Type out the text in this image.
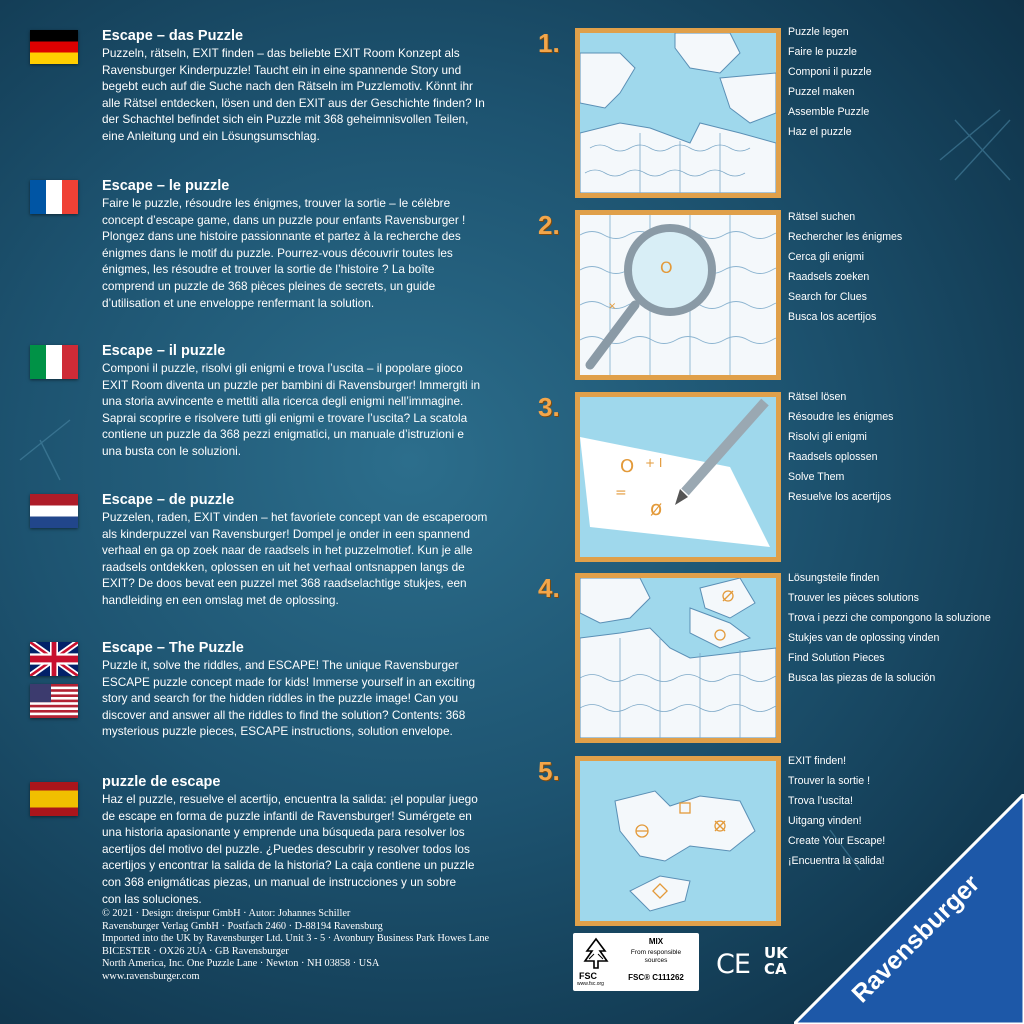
Escape – das Puzzle
Puzzeln, rätseln, EXIT finden – das beliebte EXIT Room Konzept als
Ravensburger Kinderpuzzle! Taucht ein in eine spannende Story und
begebt euch auf die Suche nach den Rätseln im Puzzlemotiv. Könnt ihr
alle Rätsel entdecken, lösen und den EXIT aus der Geschichte finden? In
der Schachtel befindet sich ein Puzzle mit 368 geheimnisvollen Teilen,
eine Anleitung und ein Lösungsumschlag.
Escape – le puzzle
Faire le puzzle, résoudre les énigmes, trouver la sortie – le célèbre
concept d’escape game, dans un puzzle pour enfants Ravensburger !
Plongez dans une histoire passionnante et partez à la recherche des
énigmes dans le motif du puzzle. Pourrez-vous découvrir toutes les
énigmes, les résoudre et trouver la sortie de l’histoire ? La boîte
comprend un puzzle de 368 pièces pleines de secrets, un guide
d’utilisation et une enveloppe renfermant la solution.
Escape – il puzzle
Componi il puzzle, risolvi gli enigmi e trova l’uscita – il popolare gioco
EXIT Room diventa un puzzle per bambini di Ravensburger! Immergiti in
una storia avvincente e mettiti alla ricerca degli enigmi nell’immagine.
Saprai scoprire e risolvere tutti gli enigmi e trovare l’uscita? La scatola
contiene un puzzle da 368 pezzi enigmatici, un manuale d’istruzioni e
una busta con le soluzioni.
Escape – de puzzle
Puzzelen, raden, EXIT vinden – het favoriete concept van de escaperoom
als kinderpuzzel van Ravensburger! Dompel je onder in een spannend
verhaal en ga op zoek naar de raadsels in het puzzelmotief. Kun je alle
raadsels ontdekken, oplossen en uit het verhaal ontsnappen langs de
EXIT? De doos bevat een puzzel met 368 raadselachtige stukjes, een
handleiding en een omslag met de oplossing.
Escape – The Puzzle
Puzzle it, solve the riddles, and ESCAPE! The unique Ravensburger
ESCAPE puzzle concept made for kids! Immerse yourself in an exciting
story and search for the hidden riddles in the puzzle image! Can you
discover and answer all the riddles to find the solution? Contents: 368
mysterious puzzle pieces, ESCAPE instructions, solution envelope.
puzzle de escape
Haz el puzzle, resuelve el acertijo, encuentra la salida: ¡el popular juego
de escape en forma de puzzle infantil de Ravensburger! Sumérgete en
una historia apasionante y emprende una búsqueda para resolver los
acertijos del motivo del puzzle. ¿Puedes descubrir y resolver todos los
acertijos y encontrar la salida de la historia? La caja contiene un puzzle
con 368 enigmáticas piezas, un manual de instrucciones y un sobre
con las soluciones.
1.	Puzzle legen
Faire le puzzle
Componi il puzzle
Puzzel maken
Assemble Puzzle
Haz el puzzle
2.
O
×
Rätsel suchen
Rechercher les énigmes
Cerca gli enigmi
Raadsels zoeken
Search for Clues
Busca los acertijos
3.
O + I
=
ø
Rätsel lösen
Résoudre les énigmes
Risolvi gli enigmi
Raadsels oplossen
Solve Them
Resuelve los acertijos
4.	Lösungsteile finden
Trouver les pièces solutions
Trova i pezzi che compongono la soluzione
Stukjes van de oplossing vinden
Find Solution Pieces
Busca las piezas de la solución
5.	EXIT finden!
Trouver la sortie !
Trova l’uscita!
Uitgang vinden!
Create Your Escape!
¡Encuentra la salida!
© 2021 · Design: dreispur GmbH · Autor: Johannes Schiller
Ravensburger Verlag GmbH · Postfach 2460 · D-88194 Ravensburg
Imported into the UK by Ravensburger Ltd. Unit 3 - 5 · Avonbury Business Park Howes Lane
BICESTER · OX26 2UA · GB Ravensburger
North America, Inc. One Puzzle Lane · Newton · NH 03858 · USA
www.ravensburger.com	FSC
www.fsc.org
MIX
From responsible
sources
FSC® C111262	CE UK
CA Ravensburger
